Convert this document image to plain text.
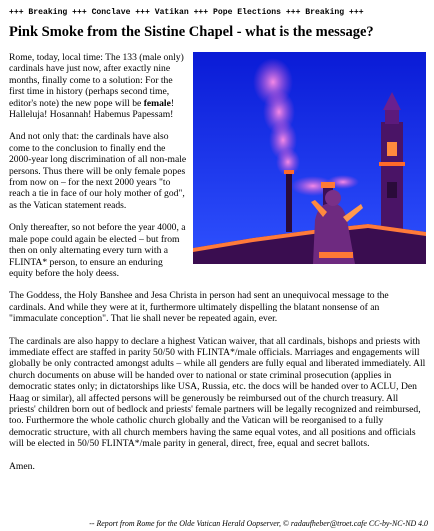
+++ Breaking +++ Conclave +++ Vatikan +++ Pope Elections +++ Breaking +++
Pink Smoke from the Sistine Chapel - what is the message?

Rome, today, local time: The 133 (male only) cardinals have just now, after exactly nine months, finally come to a solution: For the first time in history (perhaps second time, editor's note) the new pope will be female! Halleluja! Hosannah! Habemus Papessam!

And not only that: the cardinals have also come to the conclusion to finally end the 2000-year long discrimination of all non-male persons. Thus there will be only female popes from now on – for the next 2000 years "to reach a tie in face of our holy mother of god", as the Vatican statement reads.

Only thereafter, so not before the year 4000, a male pope could again be elected – but from then on only alternating every turn with a FLINTA* person, to ensure an enduring equity before the holy deess.

The Goddess, the Holy Banshee and Jesa Christa in person had sent an unequivocal message to the cardinals. And while they were at it, furthermore ultimately dispelling the blatant nonsense of an "immaculate conception". That lie shall never be repeated again, ever.

The cardinals are also happy to declare a highest Vatican waiver, that all cardinals, bishops and priests with immediate effect are staffed in parity 50/50 with FLINTA*/male officials. Marriages and engagements will globally be only contracted amongst adults – while all genders are fully equal and liberated immediately. All church documents on abuse will be handed over to national or state criminal prosecution (applies in democratic states only; in dictatorships like USA, Russia, etc. the docs will be handed over to ACLU, Den Haag or similar), all affected persons will be generously be reimbursed out of the church treasury. All priests' children born out of bedlock and priests' female partners will be legally recognized and reimbursed, too. Furthermore the whole catholic church globally and the Vatican will be reorganised to a fully democratic structure, with all church members having the same equal votes, and all positions and officials will be elected in 50/50 FLINTA*/male parity in general, direct, free, equal and secret ballots.

Amen.

-- Report from Rome for the Olde Vatican Herald Oopserver, © radaufheber@troet.cafe CC-by-NC-ND 4.0
